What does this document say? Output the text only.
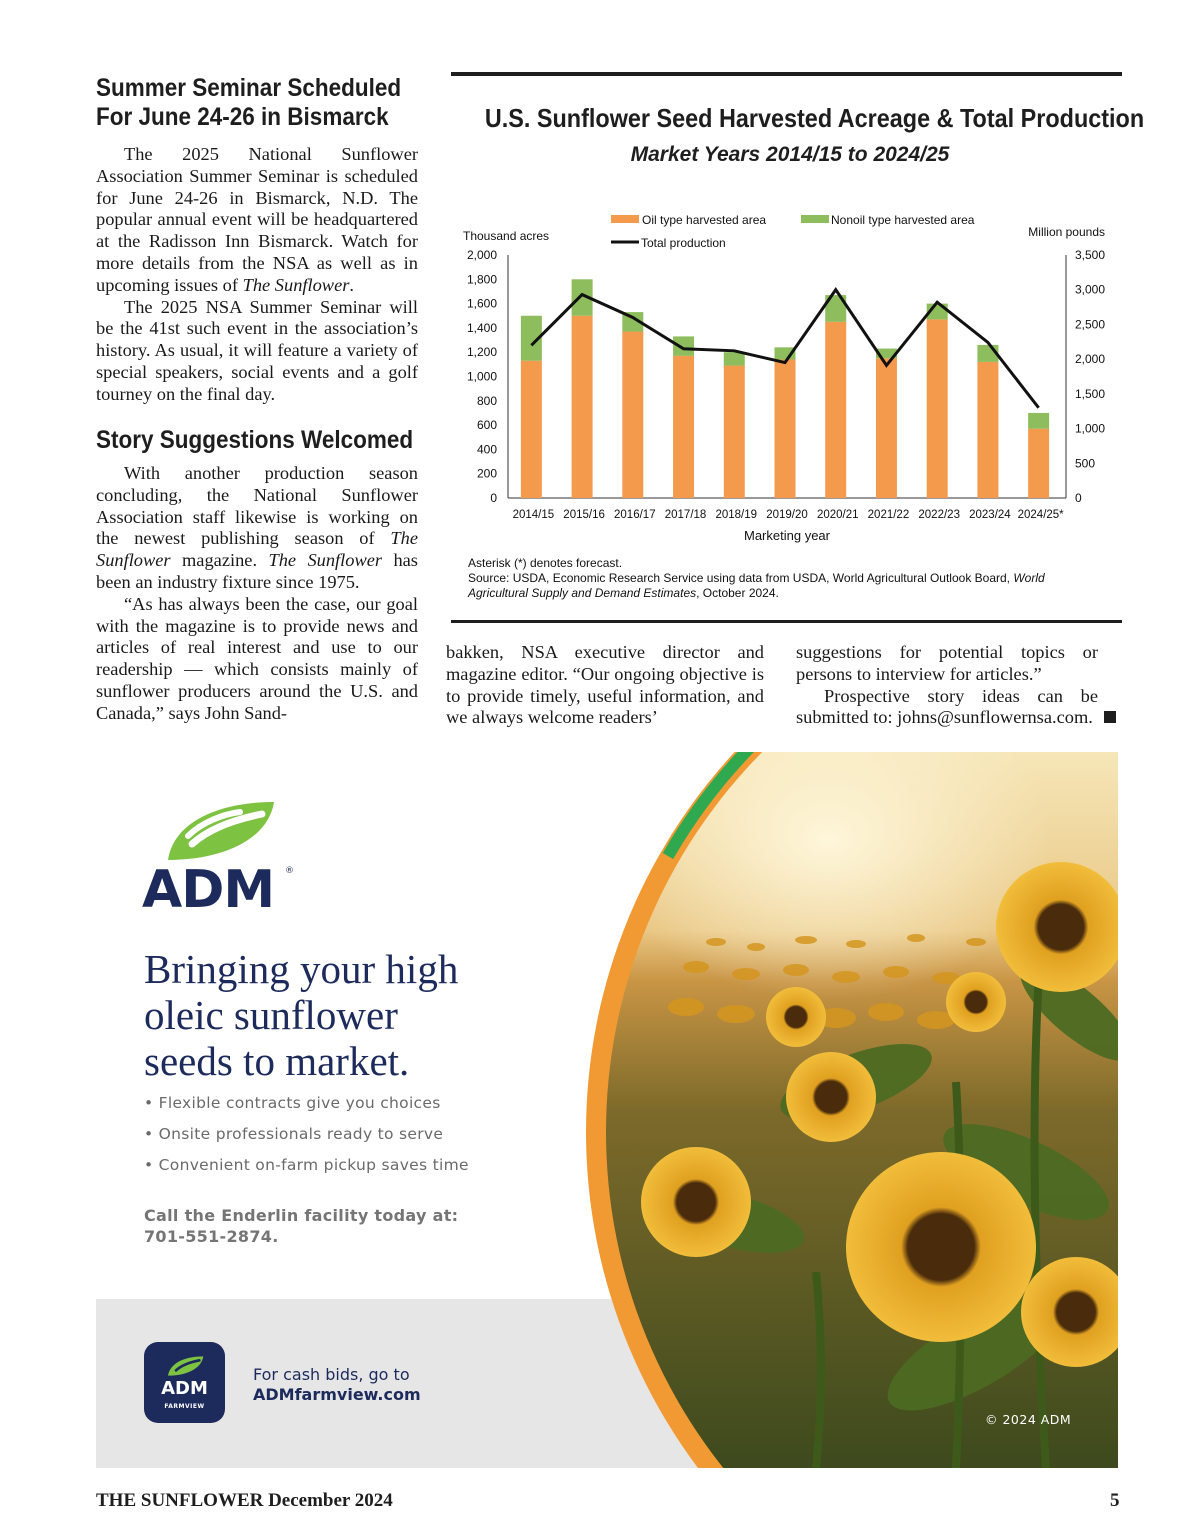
Summer Seminar Scheduled
For June 24-26 in Bismarck

The 2025 National Sunflower Association Summer Seminar is scheduled for June 24-26 in Bismarck, N.D. The popular annual event will be headquartered at the Radisson Inn Bismarck. Watch for more details from the NSA as well as in upcoming issues of The Sunflower.

The 2025 NSA Summer Seminar will be the 41st such event in the association’s history. As usual, it will feature a variety of special speakers, social events and a golf tourney on the final day.

Story Suggestions Welcomed

With another production season concluding, the National Sunflower Association staff likewise is working on the newest publishing season of The Sunflower magazine. The Sunflower has been an industry fixture since 1975.

“As has always been the case, our goal with the magazine is to provide news and articles of real interest and use to our readership — which consists mainly of sunflower producers around the U.S. and Canada,” says John Sand-

bakken, NSA executive director and magazine editor. “Our ongoing objective is to provide timely, useful information, and we always welcome readers’

suggestions for potential topics or persons to interview for articles.”

Prospective story ideas can be submitted to: johns@sunflowernsa.com.

U.S. Sunflower Seed Harvested Acreage & Total Production
Market Years 2014/15 to 2024/25
0
200
400
600
800
1,000
1,200
1,400
1,600
1,800
2,000
0
500
1,000
1,500
2,000
2,500
3,000
3,500
Thousand acres	Million pounds
Marketing year
2014/15 2015/16 2016/17 2017/18 2018/19 2019/20 2020/21 2021/22 2022/23 2023/24 2024/25*
Oil type harvested area	Nonoil type harvested area
Total production
Asterisk (*) denotes forecast.
Source: USDA, Economic Research Service using data from USDA, World Agricultural Outlook Board, World Agricultural Supply and Demand Estimates, October 2024.
ADM ®

Bringing your high

oleic sunflower

seeds to market.

• Flexible contracts give you choices

• Onsite professionals ready to serve

• Convenient on-farm pickup saves time

Call the Enderlin facility today at:
701-551-2874.
ADM
FARMVIEW
For cash bids, go to
ADMfarmview.com
© 2024 ADM
THE SUNFLOWER December 2024	5
